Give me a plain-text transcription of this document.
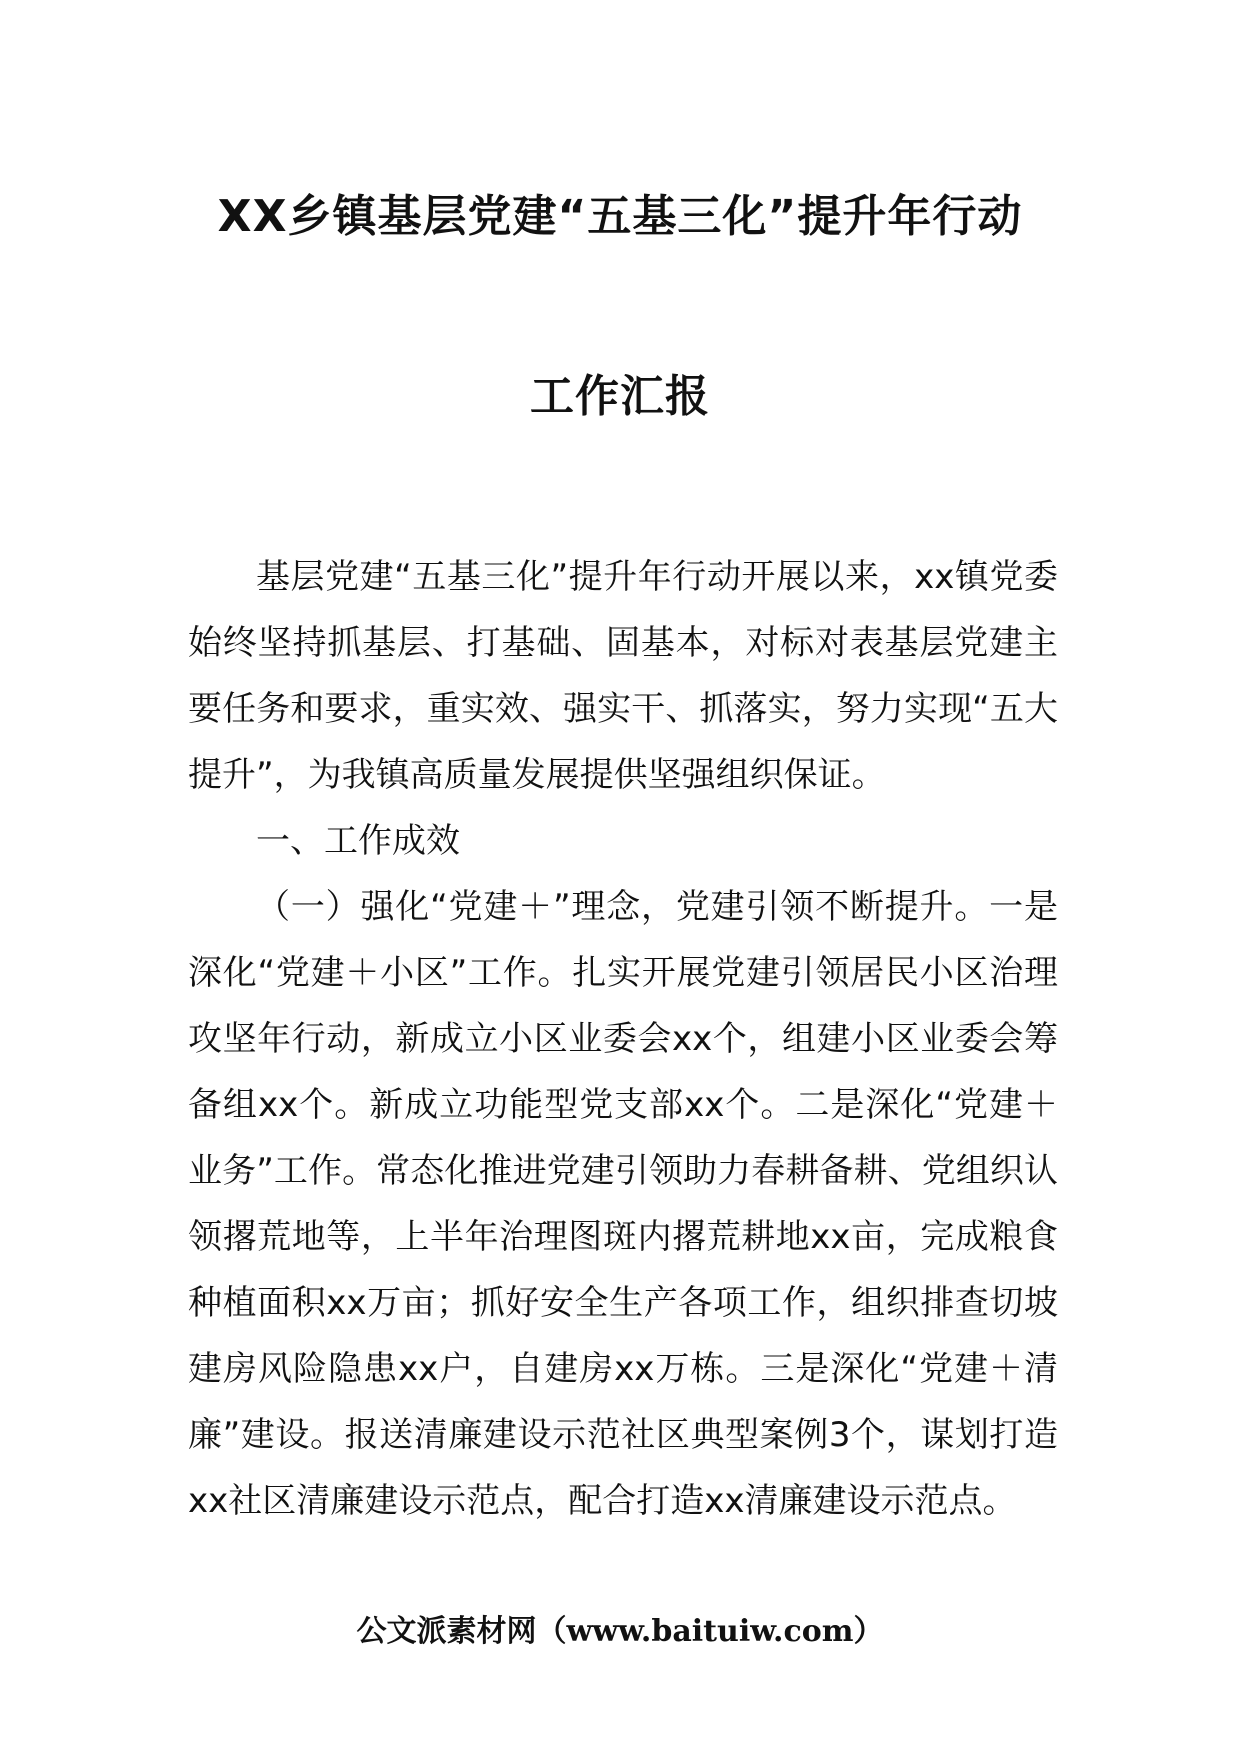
XX乡镇基层党建“五基三化”提升年行动
工作汇报

基层党建“五基三化”提升年行动开展以来，xx镇党委始终坚持抓基层、打基础、固基本，对标对表基层党建主要任务和要求，重实效、强实干、抓落实，努力实现“五大提升”，为我镇高质量发展提供坚强组织保证。

一、工作成效

（一）强化“党建＋”理念，党建引领不断提升。一是深化“党建＋小区”工作。扎实开展党建引领居民小区治理攻坚年行动，新成立小区业委会xx个，组建小区业委会筹备组xx个。新成立功能型党支部xx个。二是深化“党建＋业务”工作。常态化推进党建引领助力春耕备耕、党组织认领撂荒地等，上半年治理图斑内撂荒耕地xx亩，完成粮食种植面积xx万亩；抓好安全生产各项工作，组织排查切坡建房风险隐患xx户，自建房xx万栋。三是深化“党建＋清廉”建设。报送清廉建设示范社区典型案例3个，谋划打造xx社区清廉建设示范点，配合打造xx清廉建设示范点。

公文派素材网（www.baituiw.com）
